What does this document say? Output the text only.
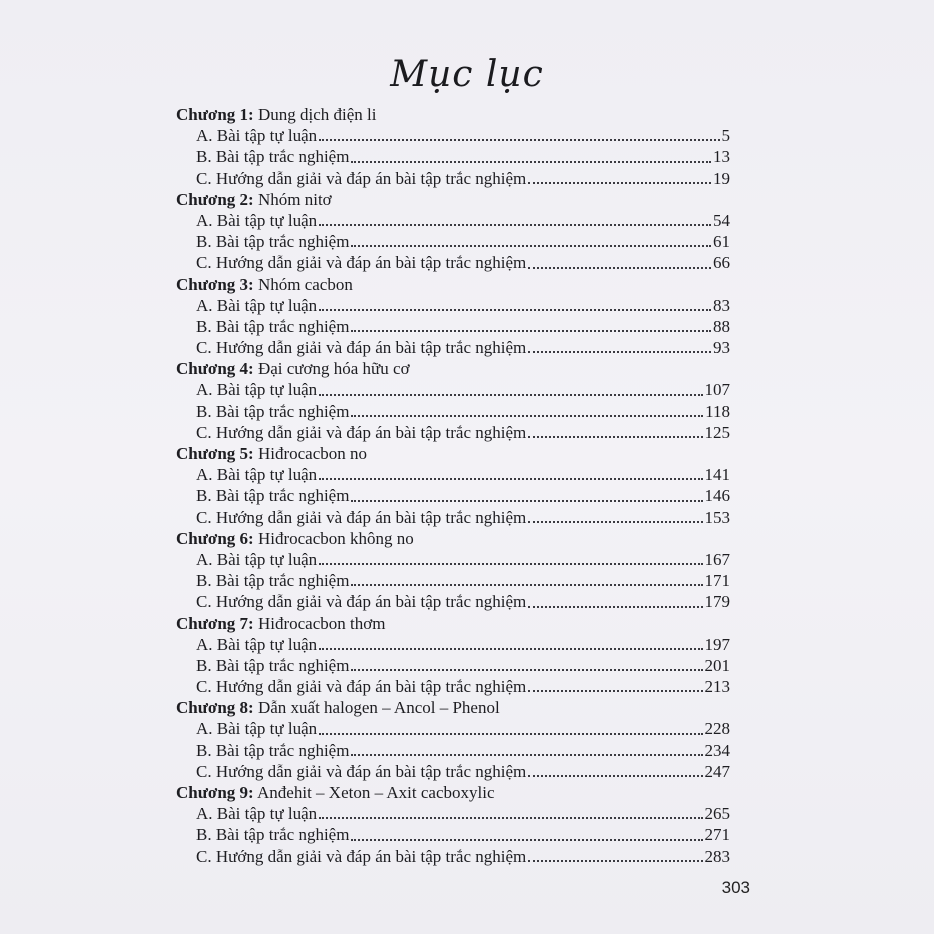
Mục lục
Chương 1: Dung dịch điện li
A. Bài tập tự luận	5
B. Bài tập trắc nghiệm	13
C. Hướng dẫn giải và đáp án bài tập trắc nghiệm	19
Chương 2: Nhóm nitơ
A. Bài tập tự luận	54
B. Bài tập trắc nghiệm	61
C. Hướng dẫn giải và đáp án bài tập trắc nghiệm	66
Chương 3: Nhóm cacbon
A. Bài tập tự luận	83
B. Bài tập trắc nghiệm	88
C. Hướng dẫn giải và đáp án bài tập trắc nghiệm	93
Chương 4: Đại cương hóa hữu cơ
A. Bài tập tự luận	107
B. Bài tập trắc nghiệm	118
C. Hướng dẫn giải và đáp án bài tập trắc nghiệm	125
Chương 5: Hiđrocacbon no
A. Bài tập tự luận	141
B. Bài tập trắc nghiệm	146
C. Hướng dẫn giải và đáp án bài tập trắc nghiệm	153
Chương 6: Hiđrocacbon không no
A. Bài tập tự luận	167
B. Bài tập trắc nghiệm	171
C. Hướng dẫn giải và đáp án bài tập trắc nghiệm	179
Chương 7: Hiđrocacbon thơm
A. Bài tập tự luận	197
B. Bài tập trắc nghiệm	201
C. Hướng dẫn giải và đáp án bài tập trắc nghiệm	213
Chương 8: Dẫn xuất halogen – Ancol – Phenol
A. Bài tập tự luận	228
B. Bài tập trắc nghiệm	234
C. Hướng dẫn giải và đáp án bài tập trắc nghiệm	247
Chương 9: Anđehit – Xeton – Axit cacboxylic
A. Bài tập tự luận	265
B. Bài tập trắc nghiệm	271
C. Hướng dẫn giải và đáp án bài tập trắc nghiệm	283
303
